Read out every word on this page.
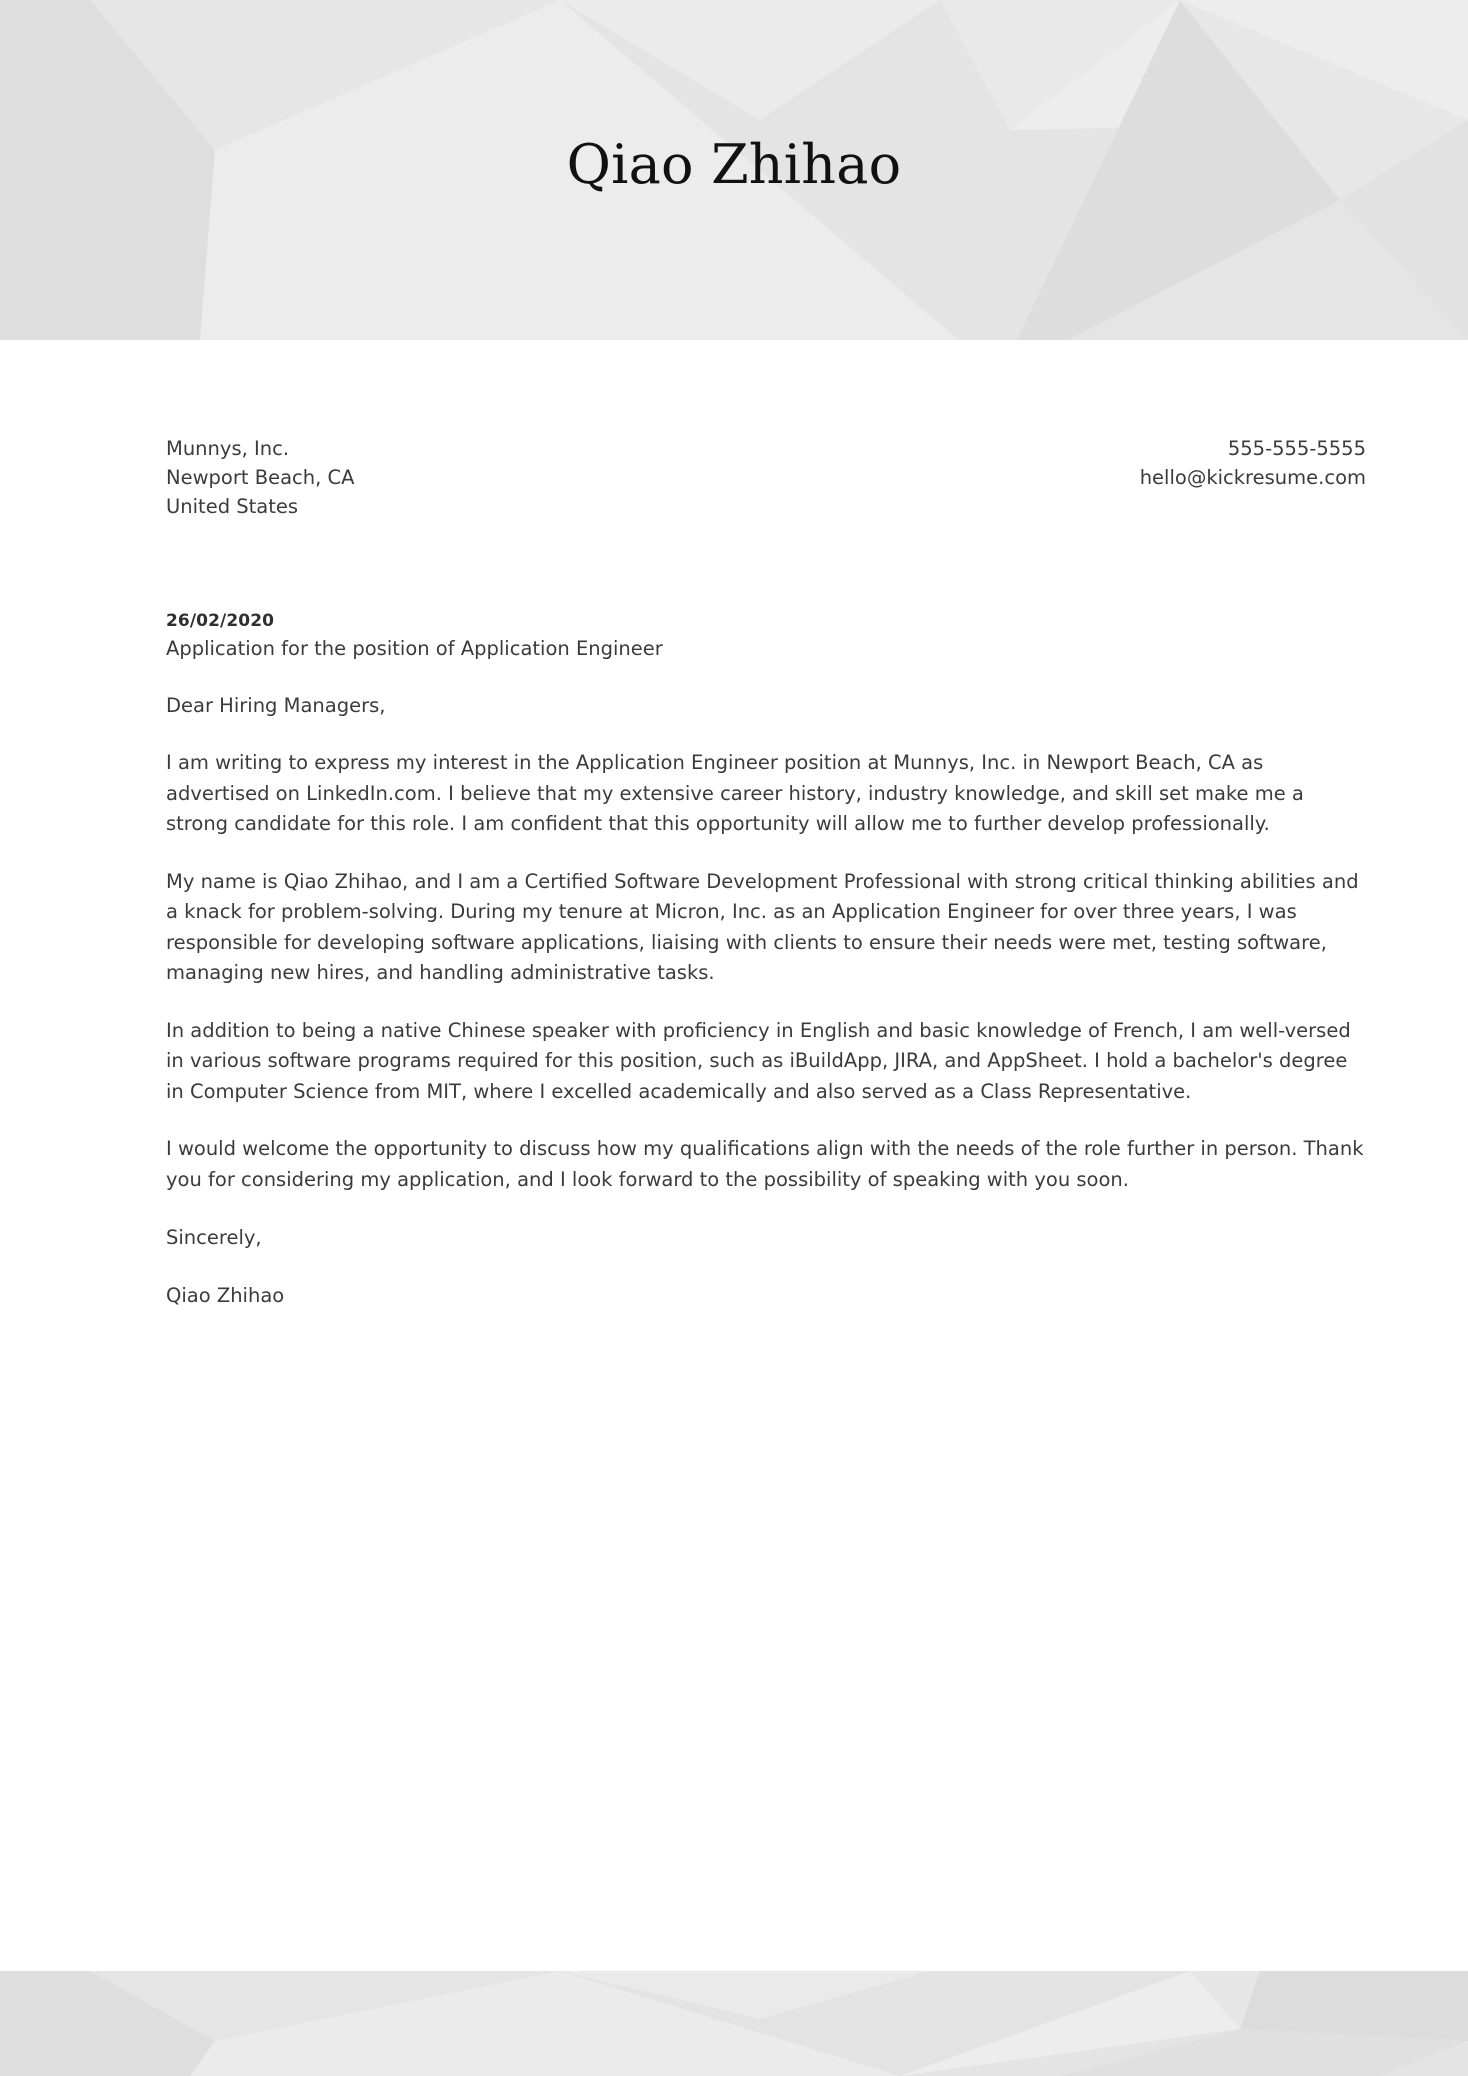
Qiao Zhihao
Munnys, Inc.
Newport Beach, CA
United States
555-555-5555
hello@kickresume.com
26/02/2020
Application for the position of Application Engineer
Dear Hiring Managers,

I am writing to express my interest in the Application Engineer position at Munnys, Inc. in Newport Beach, CA as advertised on LinkedIn.com. I believe that my extensive career history, industry knowledge, and skill set make me a strong candidate for this role. I am confident that this opportunity will allow me to further develop professionally.

My name is Qiao Zhihao, and I am a Certified Software Development Professional with strong critical thinking abilities and a knack for problem-solving. During my tenure at Micron, Inc. as an Application Engineer for over three years, I was responsible for developing software applications, liaising with clients to ensure their needs were met, testing software, managing new hires, and handling administrative tasks.

In addition to being a native Chinese speaker with proficiency in English and basic knowledge of French, I am well-versed in various software programs required for this position, such as iBuildApp, JIRA, and AppSheet. I hold a bachelor's degree in Computer Science from MIT, where I excelled academically and also served as a Class Representative.

I would welcome the opportunity to discuss how my qualifications align with the needs of the role further in person. Thank you for considering my application, and I look forward to the possibility of speaking with you soon.

Sincerely,
Qiao Zhihao
